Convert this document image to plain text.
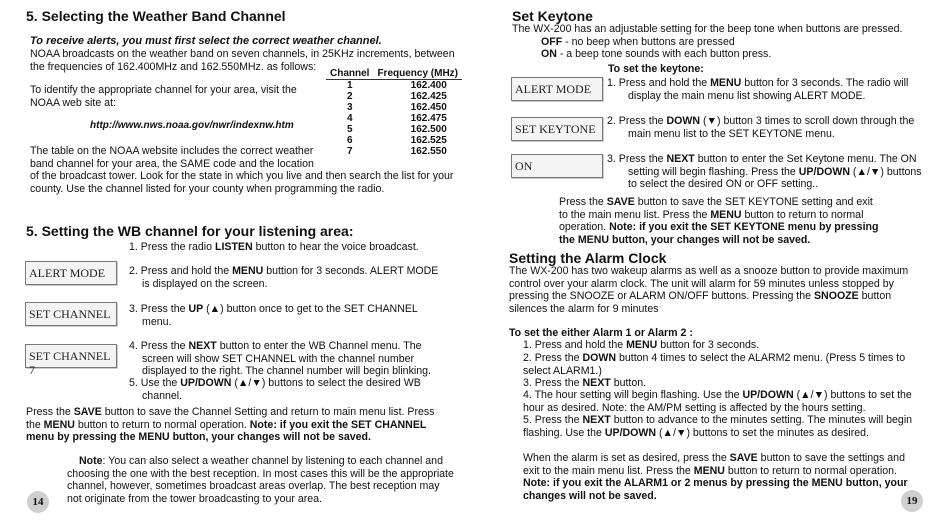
5. Selecting the Weather Band Channel

To receive alerts, you must first select the correct weather channel.

NOAA broadcasts on the weather band on seven channels, in 25KHz increments, between the frequencies of 162.400MHz and 162.550MHz. as follows:

Channel	Frequency (MHz)
1	162.400
2	162.425
3	162.450
4	162.475
5	162.500
6	162.525
7	162.550

To identify the appropriate channel for your area, visit the NOAA web site at:

http://www.nws.noaa.gov/nwr/indexnw.htm

The table on the NOAA website includes the correct weather band channel for your area, the SAME code and the location

of the broadcast tower. Look for the state in which you live and then search the list for your county. Use the channel listed for your county when programming the radio.

5. Setting the WB channel for your listening area:

1. Press the radio LISTEN button to hear the voice broadcast.

ALERT MODE	2. Press and hold the MENU buttion for 3 seconds. ALERT MODE
is displayed on the screen.

SET CHANNEL	3. Press the UP (▲) button once to get to the SET CHANNEL
menu.

SET CHANNEL 7

4. Press the NEXT button to enter the WB Channel menu. The
screen will show SET CHANNEL with the channel number
displayed to the right. The channel number will begin blinking.

5. Use the UP/DOWN (▲/▼) buttons to select the desired WB
channel.

Press the SAVE button to save the Channel Setting and return to main menu list. Press the MENU button to return to normal operation. Note: if you exit the SET CHANNEL menu by pressing the MENU button, your changes will not be saved.

Note: You can also select a weather channel by listening to each channel and choosing the one with the best reception. In most cases this will be the appropriate channel, however, sometimes broadcast areas overlap. The best reception may not originate from the tower broadcasting to your area.

14
Set Keytone

The WX-200 has an adjustable setting for the beep tone when buttons are pressed.

OFF - no beep when buttons are pressed

ON - a beep tone sounds with each button press.

To set the keytone:

ALERT MODE	1. Press and hold the MENU button for 3 seconds. The radio will
display the main menu list showing ALERT MODE.

SET KEYTONE

2. Press the DOWN (▼) button 3 times to scroll down through the
main menu list to the SET KEYTONE menu.

ON	3. Press the NEXT button to enter the Set Keytone menu. The ON
setting will begin flashing. Press the UP/DOWN (▲/▼) buttons
to select the desired ON or OFF setting..

Press the SAVE button to save the SET KEYTONE setting and exit to the main menu list. Press the MENU button to return to normal operation. Note: if you exit the SET KEYTONE menu by pressing the MENU button, your changes will not be saved.

Setting the Alarm Clock

The WX-200 has two wakeup alarms as well as a snooze button to provide maximum control over your alarm clock. The unit will alarm for 59 minutes unless stopped by pressing the SNOOZE or ALARM ON/OFF buttons. Pressing the SNOOZE button silences the alarm for 9 minutes

To set the either Alarm 1 or Alarm 2 :

1. Press and hold the MENU button for 3 seconds.

2. Press the DOWN button 4 times to select the ALARM2 menu. (Press 5 times to select ALARM1.)

3. Press the NEXT button.

4. The hour setting will begin flashing. Use the UP/DOWN (▲/▼) buttons to set the hour as desired. Note: the AM/PM setting is affected by the hours setting.

5. Press the NEXT button to advance to the minutes setting. The minutes will begin flashing. Use the UP/DOWN (▲/▼) buttons to set the minutes as desired.

When the alarm is set as desired, press the SAVE button to save the settings and exit to the main menu list. Press the MENU button to return to normal operation. Note: if you exit the ALARM1 or 2 menus by pressing the MENU button, your changes will not be saved.	19
